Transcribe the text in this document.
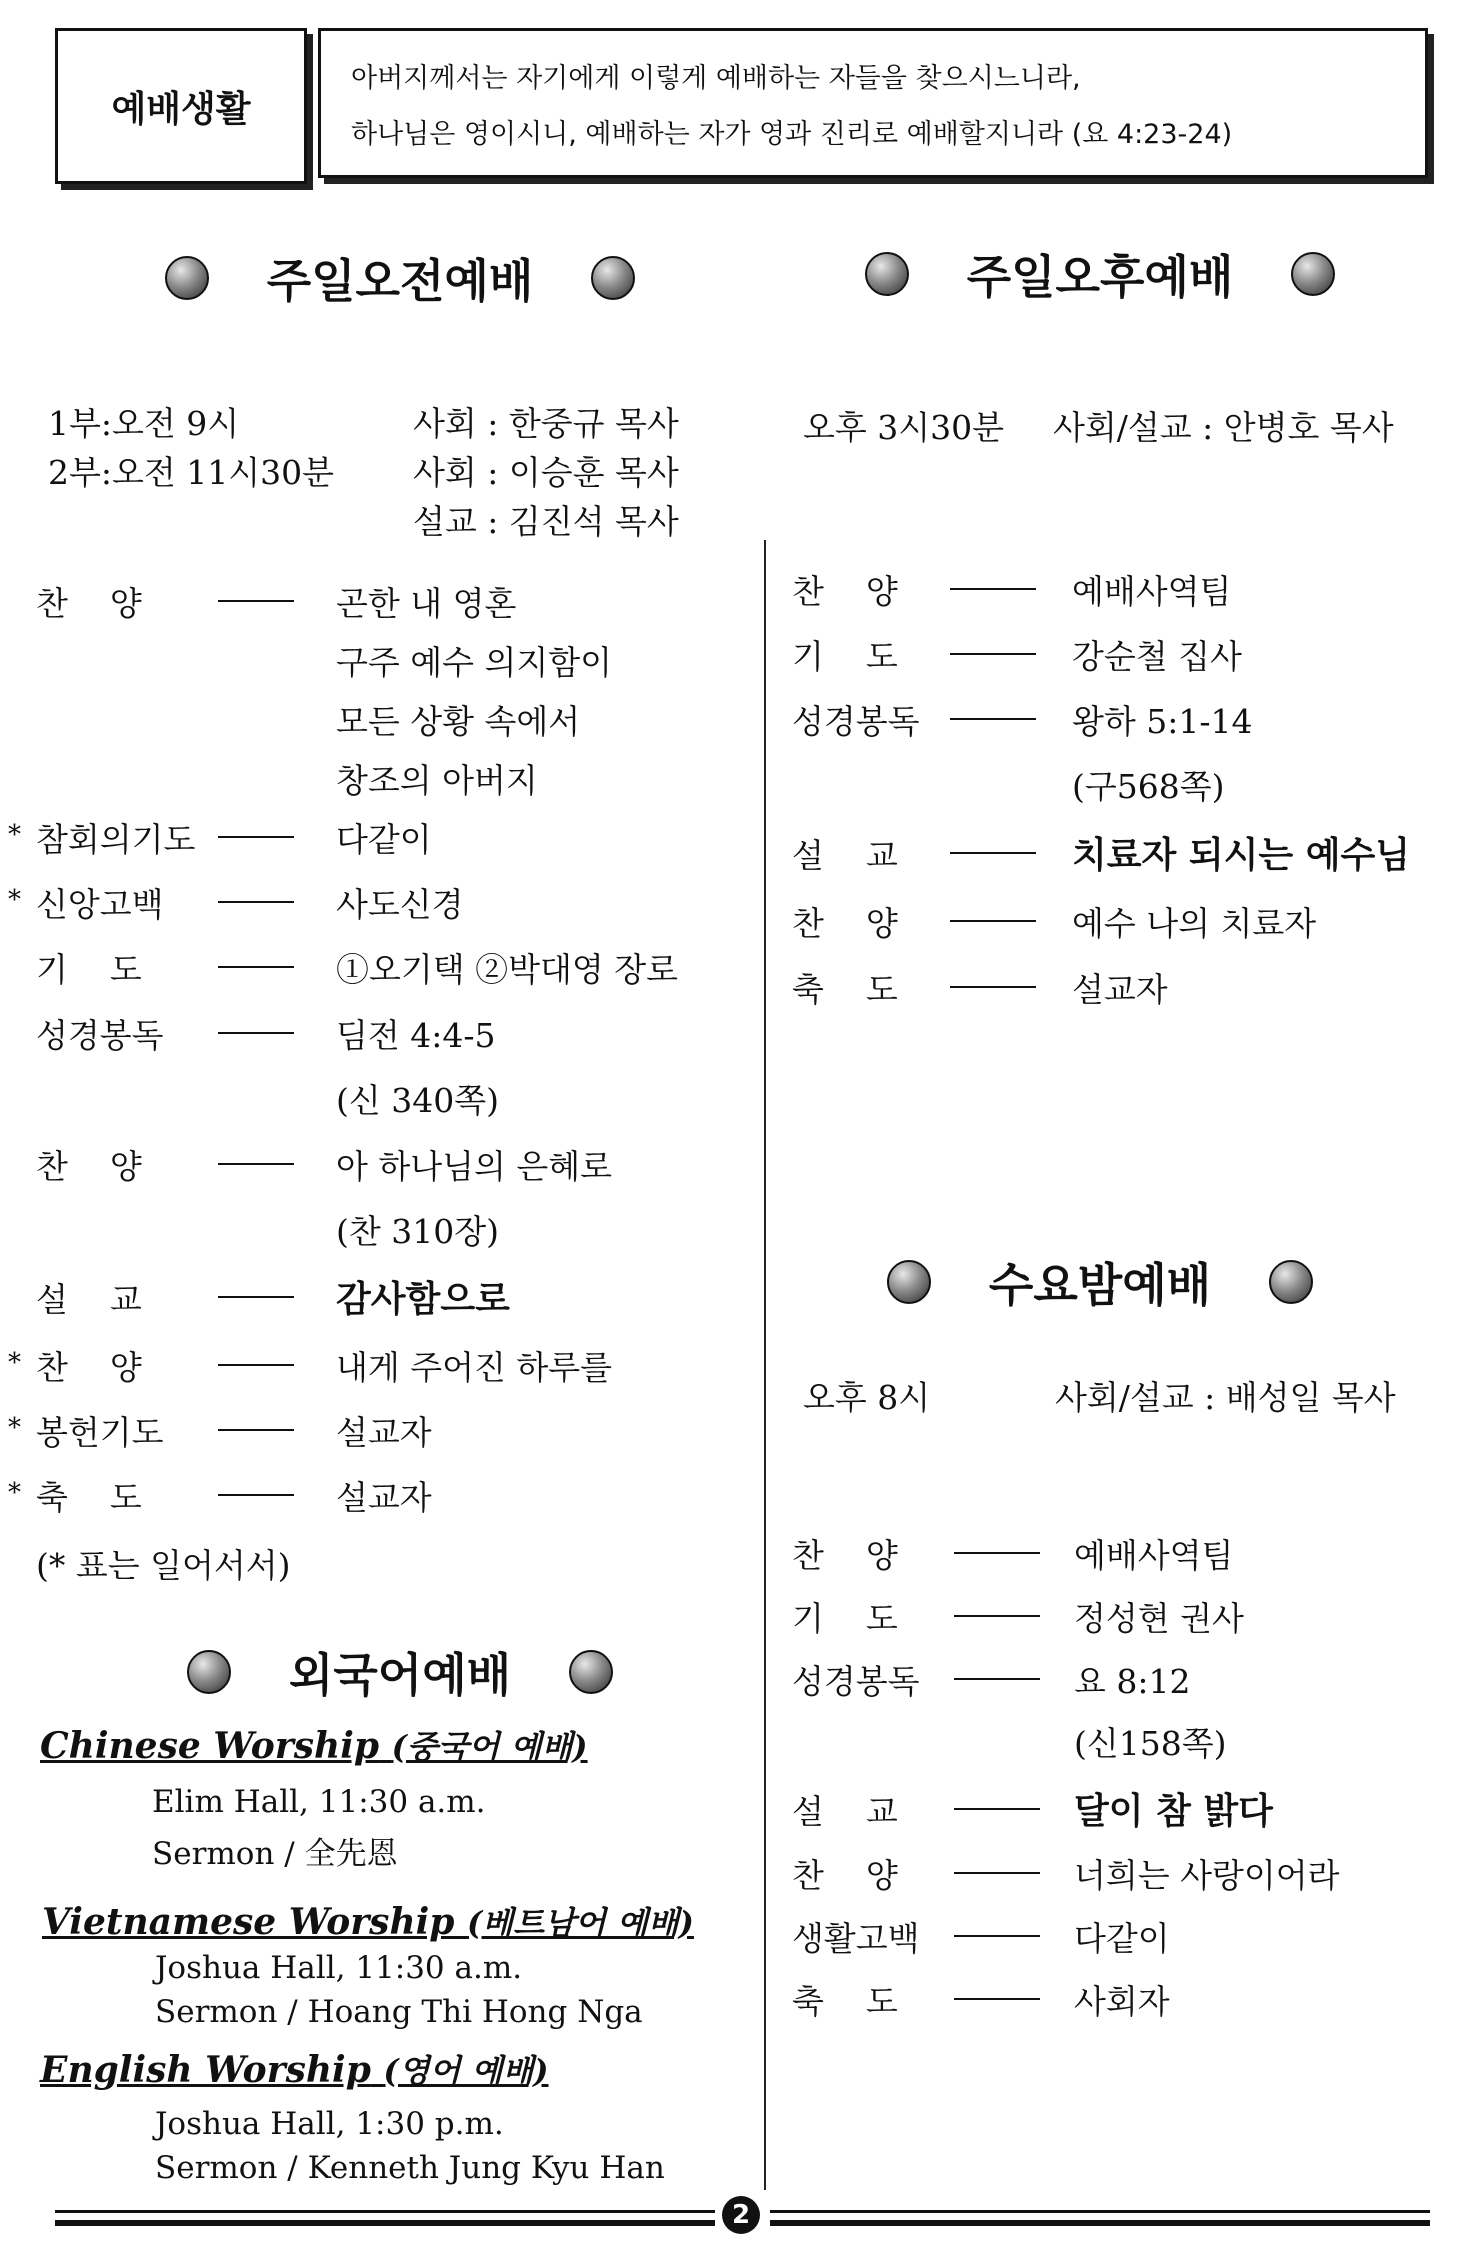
예배생활
아버지께서는 자기에게 이렇게 예배하는 자들을 찾으시느니라,
하나님은 영이시니, 예배하는 자가 영과 진리로 예배할지니라 (요 4:23-24)
주일오전예배	주일오후예배
수요밤예배
외국어예배
1부:오전 9시	사회 : 한중규 목사
2부:오전 11시30분 사회 : 이승훈 목사
설교 : 김진석 목사
찬    양	곤한 내 영혼
구주 예수 의지함이
모든 상황 속에서
창조의 아버지
* 참회의기도	다같이
* 신앙고백	사도신경
기    도	①오기택 ②박대영 장로
성경봉독	딤전 4:4-5
(신 340쪽)
찬    양	아 하나님의 은혜로
(찬 310장)
설    교	감사함으로
* 찬    양	내게 주어진 하루를
* 봉헌기도	설교자
* 축    도	설교자
(* 표는 일어서서)
오후 3시30분 사회/설교 : 안병호 목사
찬    양	예배사역팀
기    도	강순철 집사
성경봉독	왕하 5:1-14
(구568쪽)
설    교	치료자 되시는 예수님
찬    양	예수 나의 치료자
축    도	설교자
오후 8시	사회/설교 : 배성일 목사
찬    양	예배사역팀
기    도	정성현 권사
성경봉독	요 8:12
(신158쪽)
설    교	달이 참 밝다
찬    양	너희는 사랑이어라
생활고백	다같이
축    도	사회자
Chinese Worship (중국어 예배)
Elim Hall, 11:30 a.m.
Sermon / 全先恩
Vietnamese Worship (베트남어 예배)
Joshua Hall, 11:30 a.m.
Sermon / Hoang Thi Hong Nga
English Worship (영어 예배)
Joshua Hall, 1:30 p.m.
Sermon / Kenneth Jung Kyu Han
2
